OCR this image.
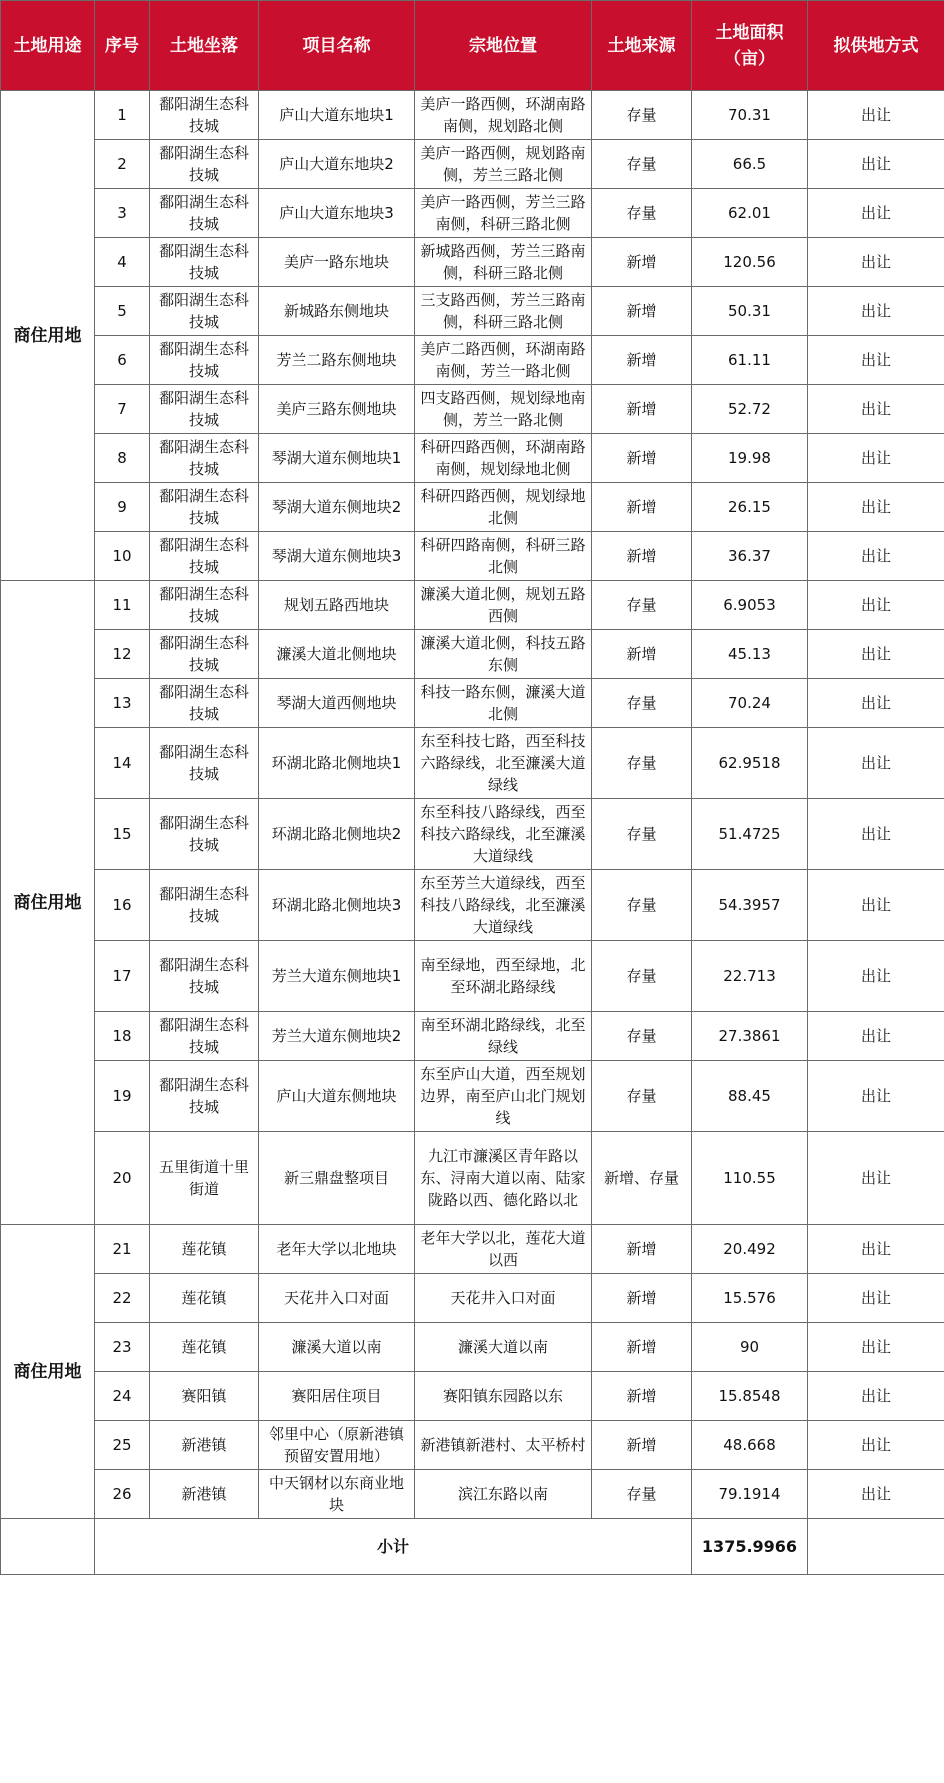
土地用途	序号	土地坐落	项目名称	宗地位置	土地来源	土地面积（亩）	拟供地方式
商住用地	1	鄱阳湖生态科技城	庐山大道东地块1	美庐一路西侧，环湖南路南侧，规划路北侧	存量	70.31	出让
	2	鄱阳湖生态科技城	庐山大道东地块2	美庐一路西侧，规划路南侧，芳兰三路北侧	存量	66.5	出让
	3	鄱阳湖生态科技城	庐山大道东地块3	美庐一路西侧，芳兰三路南侧，科研三路北侧	存量	62.01	出让
	4	鄱阳湖生态科技城	美庐一路东地块	新城路西侧，芳兰三路南侧，科研三路北侧	新增	120.56	出让
	5	鄱阳湖生态科技城	新城路东侧地块	三支路西侧，芳兰三路南侧，科研三路北侧	新增	50.31	出让
	6	鄱阳湖生态科技城	芳兰二路东侧地块	美庐二路西侧，环湖南路南侧，芳兰一路北侧	新增	61.11	出让
	7	鄱阳湖生态科技城	美庐三路东侧地块	四支路西侧，规划绿地南侧，芳兰一路北侧	新增	52.72	出让
	8	鄱阳湖生态科技城	琴湖大道东侧地块1	科研四路西侧，环湖南路南侧，规划绿地北侧	新增	19.98	出让
	9	鄱阳湖生态科技城	琴湖大道东侧地块2	科研四路西侧，规划绿地北侧	新增	26.15	出让
	10	鄱阳湖生态科技城	琴湖大道东侧地块3	科研四路南侧，科研三路北侧	新增	36.37	出让
商住用地	11	鄱阳湖生态科技城	规划五路西地块	濂溪大道北侧，规划五路西侧	存量	6.9053	出让
	12	鄱阳湖生态科技城	濂溪大道北侧地块	濂溪大道北侧，科技五路东侧	新增	45.13	出让
	13	鄱阳湖生态科技城	琴湖大道西侧地块	科技一路东侧，濂溪大道北侧	存量	70.24	出让
	14	鄱阳湖生态科技城	环湖北路北侧地块1	东至科技七路，西至科技六路绿线，北至濂溪大道绿线	存量	62.9518	出让
	15	鄱阳湖生态科技城	环湖北路北侧地块2	东至科技八路绿线，西至科技六路绿线，北至濂溪大道绿线	存量	51.4725	出让
	16	鄱阳湖生态科技城	环湖北路北侧地块3	东至芳兰大道绿线，西至科技八路绿线，北至濂溪大道绿线	存量	54.3957	出让
	17	鄱阳湖生态科技城	芳兰大道东侧地块1	南至绿地，西至绿地，北至环湖北路绿线	存量	22.713	出让
	18	鄱阳湖生态科技城	芳兰大道东侧地块2	南至环湖北路绿线，北至绿线	存量	27.3861	出让
	19	鄱阳湖生态科技城	庐山大道东侧地块	东至庐山大道，西至规划边界，南至庐山北门规划线	存量	88.45	出让
	20	五里街道十里街道	新三鼎盘整项目	九江市濂溪区青年路以东、浔南大道以南、陆家陇路以西、德化路以北	新增、存量	110.55	出让
商住用地	21	莲花镇	老年大学以北地块	老年大学以北，莲花大道以西	新增	20.492	出让
	22	莲花镇	天花井入口对面	天花井入口对面	新增	15.576	出让
	23	莲花镇	濂溪大道以南	濂溪大道以南	新增	90	出让
	24	赛阳镇	赛阳居住项目	赛阳镇东园路以东	新增	15.8548	出让
	25	新港镇	邻里中心（原新港镇预留安置用地）	新港镇新港村、太平桥村	新增	48.668	出让
	26	新港镇	中天钢材以东商业地块	滨江东路以南	存量	79.1914	出让
	小计					1375.9966	
